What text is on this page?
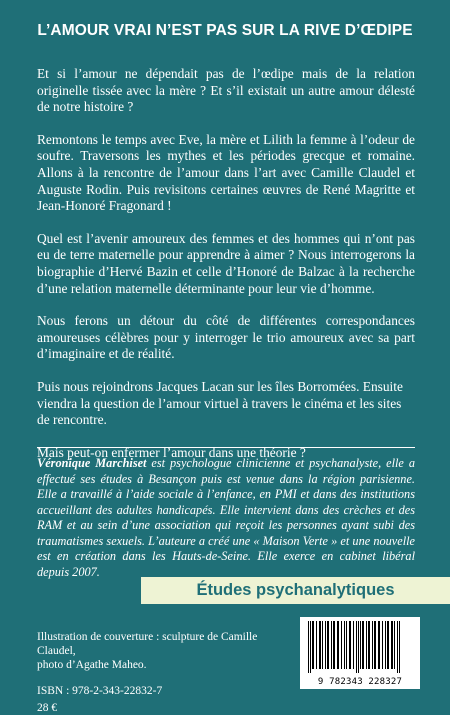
L’AMOUR VRAI N’EST PAS SUR LA RIVE D’ŒDIPE

Et si l’amour ne dépendait pas de l’œdipe mais de la relation originelle tissée avec la mère ? Et s’il existait un autre amour délesté de notre histoire ?

Remontons le temps avec Eve, la mère et Lilith la femme à l’odeur de soufre. Traversons les mythes et les périodes grecque et romaine. Allons à la rencontre de l’amour dans l’art avec Camille Claudel et Auguste Rodin. Puis revisitons certaines œuvres de René Magritte et Jean-Honoré Fragonard !

Quel est l’avenir amoureux des femmes et des hommes qui n’ont pas eu de terre maternelle pour apprendre à aimer ? Nous interrogerons la biographie d’Hervé Bazin et celle d’Honoré de Balzac à la recherche d’une relation maternelle déterminante pour leur vie d’homme.

Nous ferons un détour du côté de différentes correspondances amoureuses célèbres pour y interroger le trio amoureux avec sa part d’imaginaire et de réalité.

Puis nous rejoindrons Jacques Lacan sur les îles Borromées. Ensuite viendra la question de l’amour virtuel à travers le cinéma et les sites de rencontre.

Mais peut-on enfermer l’amour dans une théorie ?

Véronique Marchiset est psychologue clinicienne et psychanalyste, elle a effectué ses études à Besançon puis est venue dans la région parisienne. Elle a travaillé à l’aide sociale à l’enfance, en PMI et dans des institutions accueillant des adultes handicapés. Elle intervient dans des crèches et des RAM et au sein d’une association qui reçoit les personnes ayant subi des traumatismes sexuels. L’auteure a créé une « Maison Verte » et une nouvelle est en création dans les Hauts-de-Seine. Elle exerce en cabinet libéral depuis 2007.
Études psychanalytiques
Illustration de couverture : sculpture de Camille Claudel,
photo d’Agathe Maheo.
ISBN : 978-2-343-22832-7
28 €
9 782343 228327
